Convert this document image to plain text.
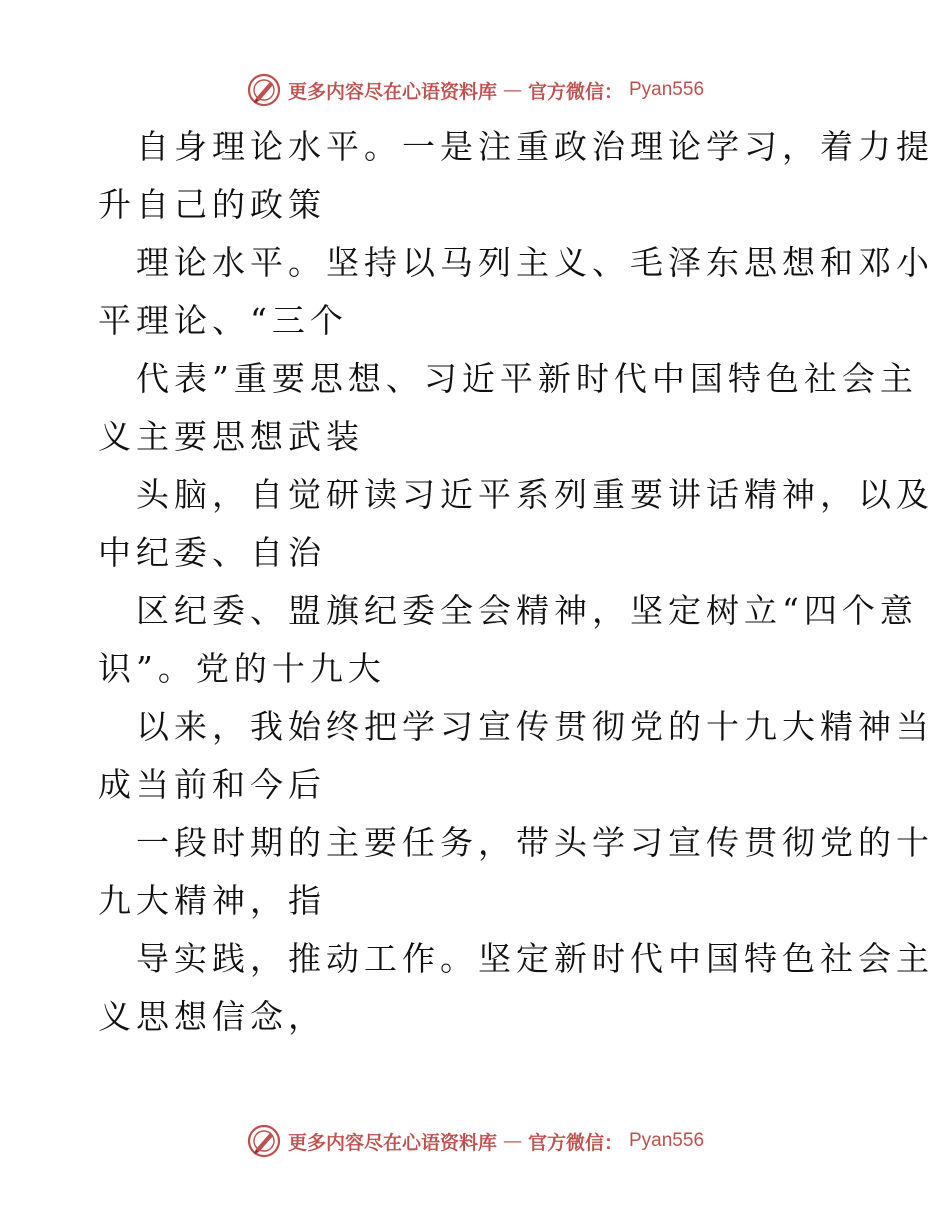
更多内容尽在心语资料库 — 官方微信： Pyan556
自身理论水平。一是注重政治理论学习，着力提
升自己的政策
理论水平。坚持以马列主义、毛泽东思想和邓小
平理论、“三个
代表”重要思想、习近平新时代中国特色社会主
义主要思想武装
头脑，自觉研读习近平系列重要讲话精神，以及
中纪委、自治
区纪委、盟旗纪委全会精神，坚定树立“四个意
识”。党的十九大
以来，我始终把学习宣传贯彻党的十九大精神当
成当前和今后
一段时期的主要任务，带头学习宣传贯彻党的十
九大精神，指
导实践，推动工作。坚定新时代中国特色社会主
义思想信念，
更多内容尽在心语资料库 — 官方微信： Pyan556
